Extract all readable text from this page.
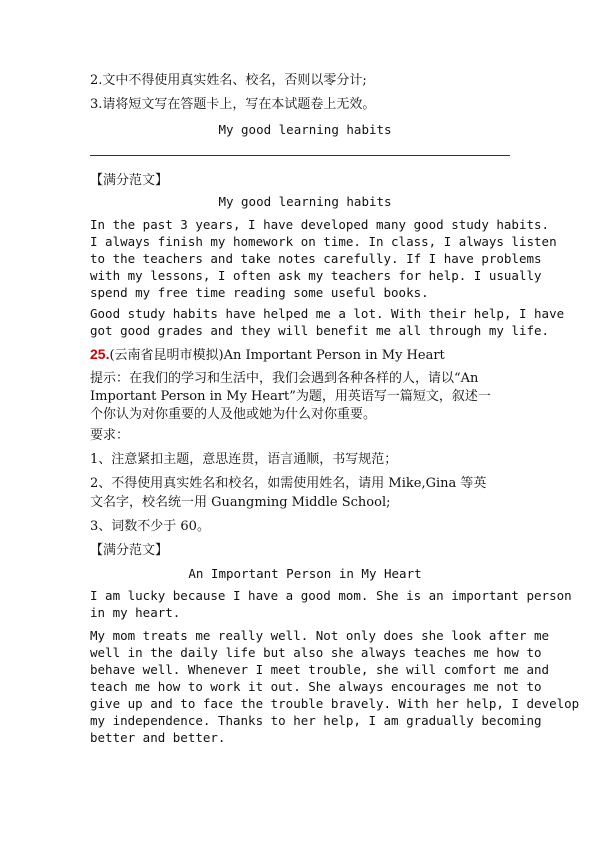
2.文中不得使用真实姓名、校名，否则以零分计;
3.请将短文写在答题卡上，写在本试题卷上无效。
My good learning habits
【满分范文】
My good learning habits
In the past 3 years, I have developed many good study habits.
I always finish my homework on time. In class, I always listen
to the teachers and take notes carefully. If I have problems
with my lessons, I often ask my teachers for help. I usually
spend my free time reading some useful books.
Good study habits have helped me a lot. With their help, I have
got good grades and they will benefit me all through my life.
25.(云南省昆明市模拟)An Important Person in My Heart
提示：在我们的学习和生活中，我们会遇到各种各样的人，请以“An
Important Person in My Heart”为题，用英语写一篇短文，叙述一
个你认为对你重要的人及他或她为什么对你重要。
要求：
1、注意紧扣主题，意思连贯，语言通顺，书写规范；
2、不得使用真实姓名和校名，如需使用姓名，请用 Mike,Gina 等英
文名字，校名统一用 Guangming Middle School;
3、词数不少于 60。
【满分范文】
An Important Person in My Heart
I am lucky because I have a good mom. She is an important person
in my heart.
My mom treats me really well. Not only does she look after me
well in the daily life but also she always teaches me how to
behave well. Whenever I meet trouble, she will comfort me and
teach me how to work it out. She always encourages me not to
give up and to face the trouble bravely. With her help, I develop
my independence. Thanks to her help, I am gradually becoming
better and better.
